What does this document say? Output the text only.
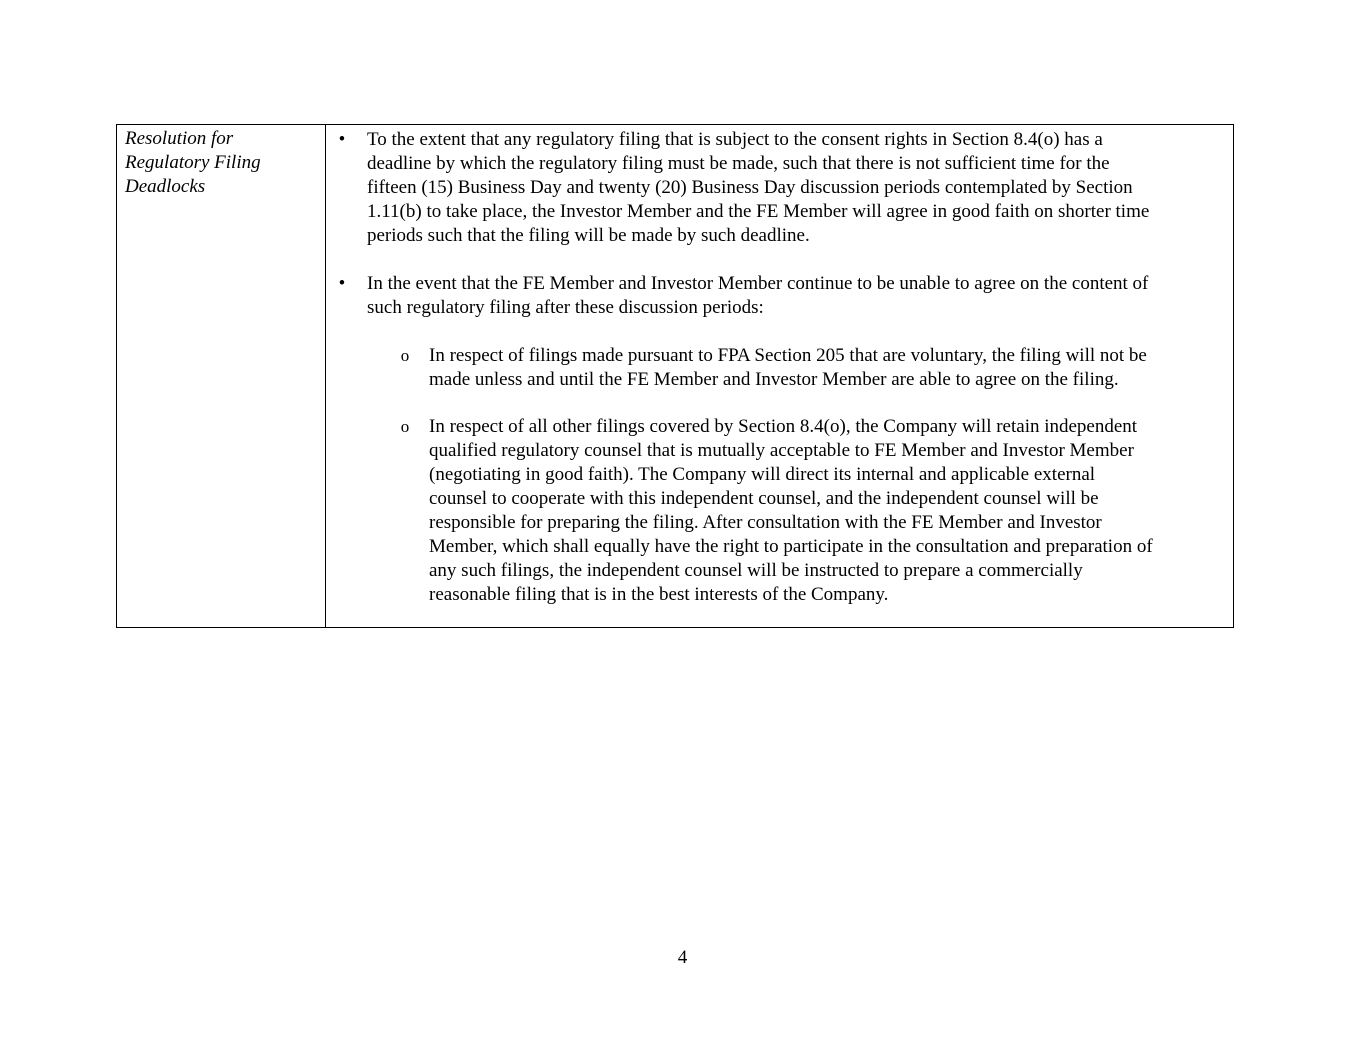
Resolution for
Regulatory Filing
Deadlocks
•	To the extent that any regulatory filing that is subject to the consent rights in Section 8.4(o) has a
deadline by which the regulatory filing must be made, such that there is not sufficient time for the
fifteen (15) Business Day and twenty (20) Business Day discussion periods contemplated by Section
1.11(b) to take place, the Investor Member and the FE Member will agree in good faith on shorter time
periods such that the filing will be made by such deadline.
•	In the event that the FE Member and Investor Member continue to be unable to agree on the content of
such regulatory filing after these discussion periods:
o	In respect of filings made pursuant to FPA Section 205 that are voluntary, the filing will not be
made unless and until the FE Member and Investor Member are able to agree on the filing.
o	In respect of all other filings covered by Section 8.4(o), the Company will retain independent
qualified regulatory counsel that is mutually acceptable to FE Member and Investor Member
(negotiating in good faith). The Company will direct its internal and applicable external
counsel to cooperate with this independent counsel, and the independent counsel will be
responsible for preparing the filing. After consultation with the FE Member and Investor
Member, which shall equally have the right to participate in the consultation and preparation of
any such filings, the independent counsel will be instructed to prepare a commercially
reasonable filing that is in the best interests of the Company.
4
